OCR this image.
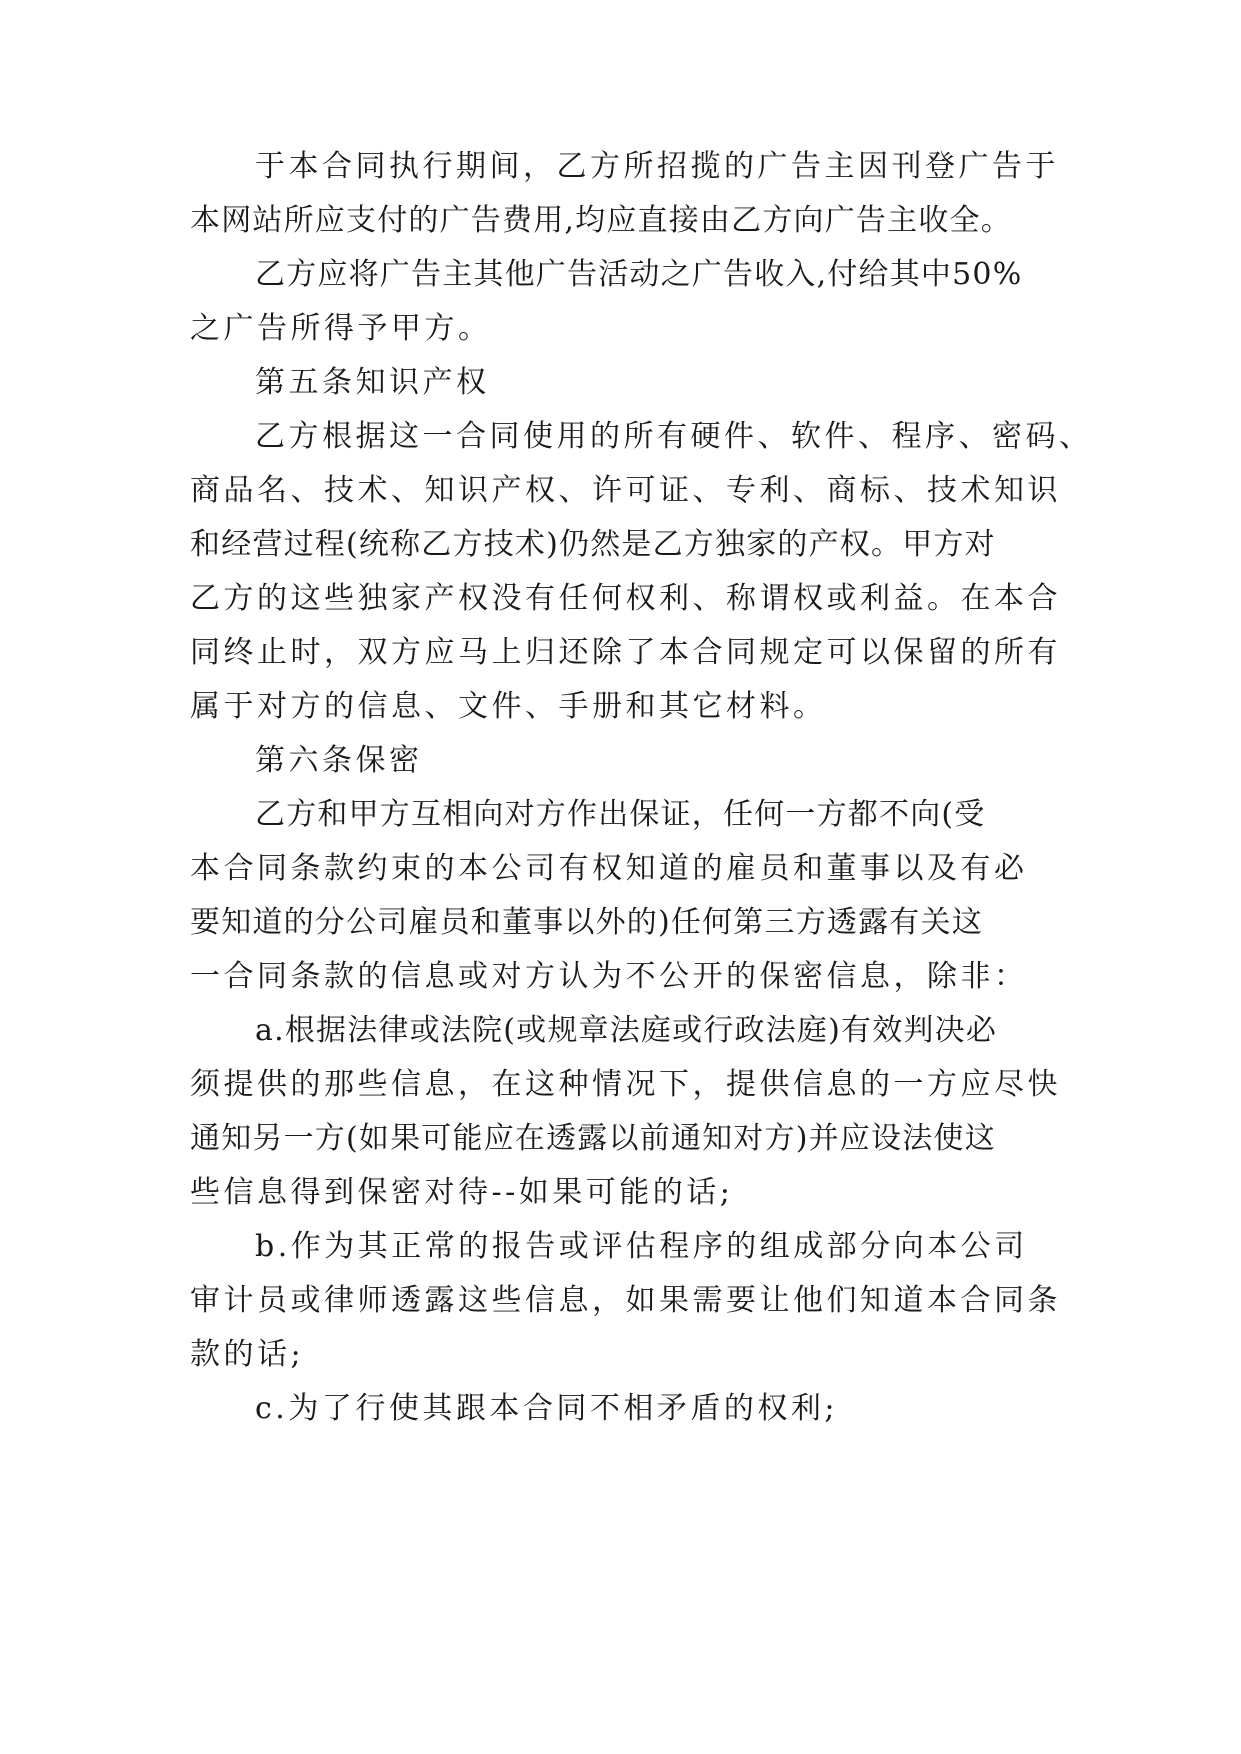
于本合同执行期间，乙方所招揽的广告主因刊登广告于
本网站所应支付的广告费用,均应直接由乙方向广告主收全。
乙方应将广告主其他广告活动之广告收入,付给其中50%
之广告所得予甲方。
第五条知识产权
乙方根据这一合同使用的所有硬件、软件、程序、密码、
商品名、技术、知识产权、许可证、专利、商标、技术知识
和经营过程(统称乙方技术)仍然是乙方独家的产权。甲方对
乙方的这些独家产权没有任何权利、称谓权或利益。在本合
同终止时，双方应马上归还除了本合同规定可以保留的所有
属于对方的信息、文件、手册和其它材料。
第六条保密
乙方和甲方互相向对方作出保证，任何一方都不向(受
本合同条款约束的本公司有权知道的雇员和董事以及有必
要知道的分公司雇员和董事以外的)任何第三方透露有关这
一合同条款的信息或对方认为不公开的保密信息，除非：
a.根据法律或法院(或规章法庭或行政法庭)有效判决必
须提供的那些信息，在这种情况下，提供信息的一方应尽快
通知另一方(如果可能应在透露以前通知对方)并应设法使这
些信息得到保密对待--如果可能的话;
b.作为其正常的报告或评估程序的组成部分向本公司
审计员或律师透露这些信息，如果需要让他们知道本合同条
款的话;
c.为了行使其跟本合同不相矛盾的权利;
